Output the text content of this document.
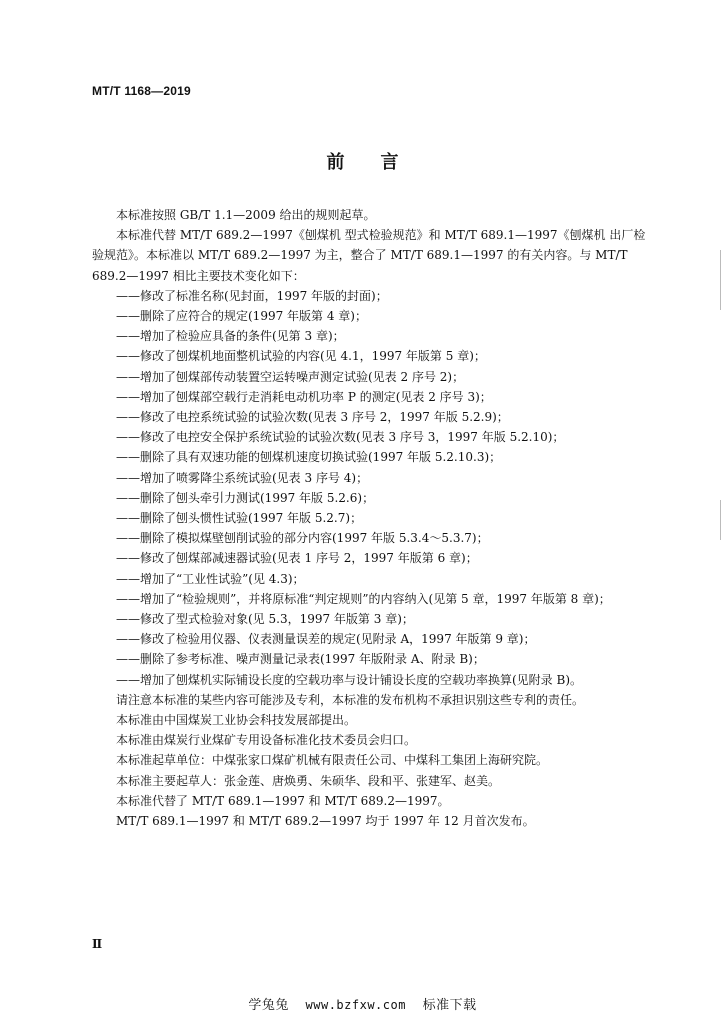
MT/T 1168—2019
前　　言

本标准按照 GB/T 1.1—2009 给出的规则起草。

本标准代替 MT/T 689.2—1997《刨煤机 型式检验规范》和 MT/T 689.1—1997《刨煤机 出厂检验规范》。本标准以 MT/T 689.2—1997 为主，整合了 MT/T 689.1—1997 的有关内容。与 MT/T 689.2—1997 相比主要技术变化如下：

——修改了标准名称(见封面，1997 年版的封面)；

——删除了应符合的规定(1997 年版第 4 章)；

——增加了检验应具备的条件(见第 3 章)；

——修改了刨煤机地面整机试验的内容(见 4.1，1997 年版第 5 章)；

——增加了刨煤部传动装置空运转噪声测定试验(见表 2 序号 2)；

——增加了刨煤部空载行走消耗电动机功率 P 的测定(见表 2 序号 3)；

——修改了电控系统试验的试验次数(见表 3 序号 2，1997 年版 5.2.9)；

——修改了电控安全保护系统试验的试验次数(见表 3 序号 3，1997 年版 5.2.10)；

——删除了具有双速功能的刨煤机速度切换试验(1997 年版 5.2.10.3)；

——增加了喷雾降尘系统试验(见表 3 序号 4)；

——删除了刨头牵引力测试(1997 年版 5.2.6)；

——删除了刨头惯性试验(1997 年版 5.2.7)；

——删除了模拟煤壁刨削试验的部分内容(1997 年版 5.3.4～5.3.7)；

——修改了刨煤部减速器试验(见表 1 序号 2，1997 年版第 6 章)；

——增加了“工业性试验”(见 4.3)；

——增加了“检验规则”，并将原标准“判定规则”的内容纳入(见第 5 章，1997 年版第 8 章)；

——修改了型式检验对象(见 5.3，1997 年版第 3 章)；

——修改了检验用仪器、仪表测量误差的规定(见附录 A，1997 年版第 9 章)；

——删除了参考标准、噪声测量记录表(1997 年版附录 A、附录 B)；

——增加了刨煤机实际铺设长度的空载功率与设计铺设长度的空载功率换算(见附录 B)。

请注意本标准的某些内容可能涉及专利，本标准的发布机构不承担识别这些专利的责任。

本标准由中国煤炭工业协会科技发展部提出。

本标准由煤炭行业煤矿专用设备标准化技术委员会归口。

本标准起草单位：中煤张家口煤矿机械有限责任公司、中煤科工集团上海研究院。

本标准主要起草人：张金莲、唐焕勇、朱硕华、段和平、张建军、赵美。

本标准代替了 MT/T 689.1—1997 和 MT/T 689.2—1997。

MT/T 689.1—1997 和 MT/T 689.2—1997 均于 1997 年 12 月首次发布。

Ⅱ
学兔兔 www.bzfxw.com 标准下载
